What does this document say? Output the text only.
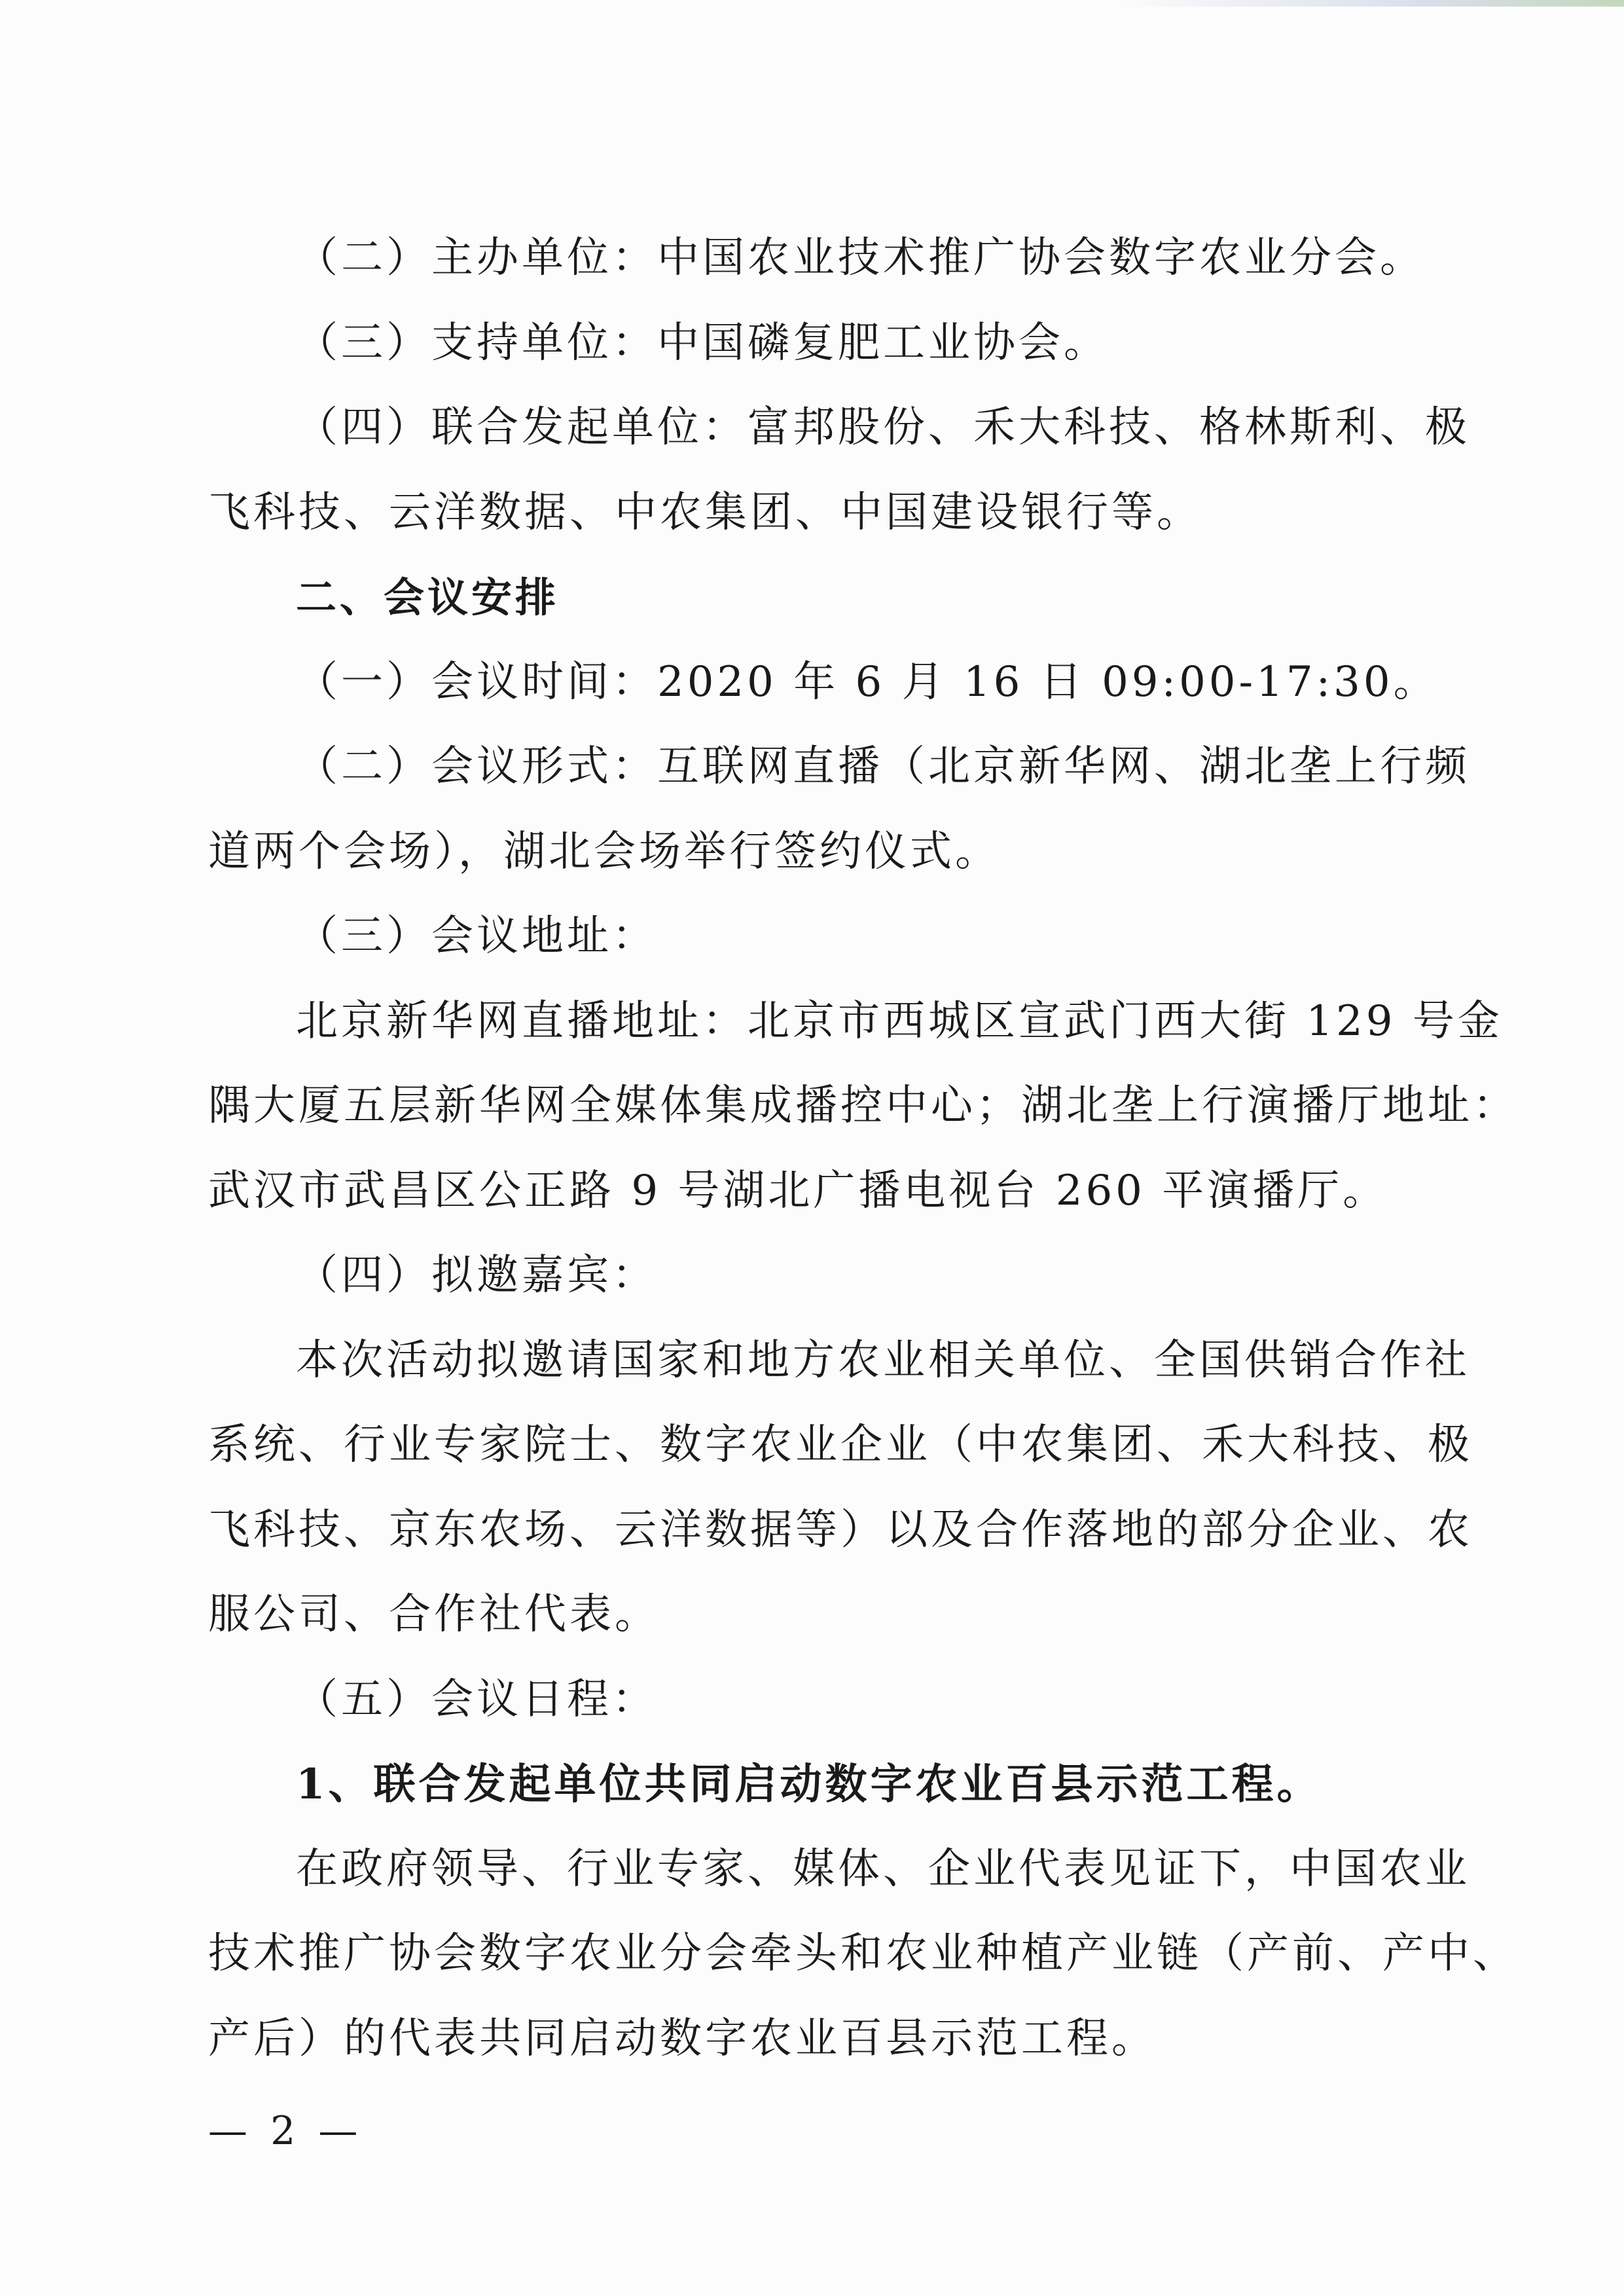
（二）主办单位：中国农业技术推广协会数字农业分会。
（三）支持单位：中国磷复肥工业协会。
（四）联合发起单位：富邦股份、禾大科技、格林斯利、极
飞科技、云洋数据、中农集团、中国建设银行等。
二、会议安排
（一）会议时间：2020 年 6 月 16 日 09:00-17:30。
（二）会议形式：互联网直播（北京新华网、湖北垄上行频
道两个会场），湖北会场举行签约仪式。
（三）会议地址：
北京新华网直播地址：北京市西城区宣武门西大街 129 号金
隅大厦五层新华网全媒体集成播控中心；湖北垄上行演播厅地址：
武汉市武昌区公正路 9 号湖北广播电视台 260 平演播厅。
（四）拟邀嘉宾：
本次活动拟邀请国家和地方农业相关单位、全国供销合作社
系统、行业专家院士、数字农业企业（中农集团、禾大科技、极
飞科技、京东农场、云洋数据等）以及合作落地的部分企业、农
服公司、合作社代表。
（五）会议日程：
1、联合发起单位共同启动数字农业百县示范工程。
在政府领导、行业专家、媒体、企业代表见证下，中国农业
技术推广协会数字农业分会牵头和农业种植产业链（产前、产中、
产后）的代表共同启动数字农业百县示范工程。
— 2 —
